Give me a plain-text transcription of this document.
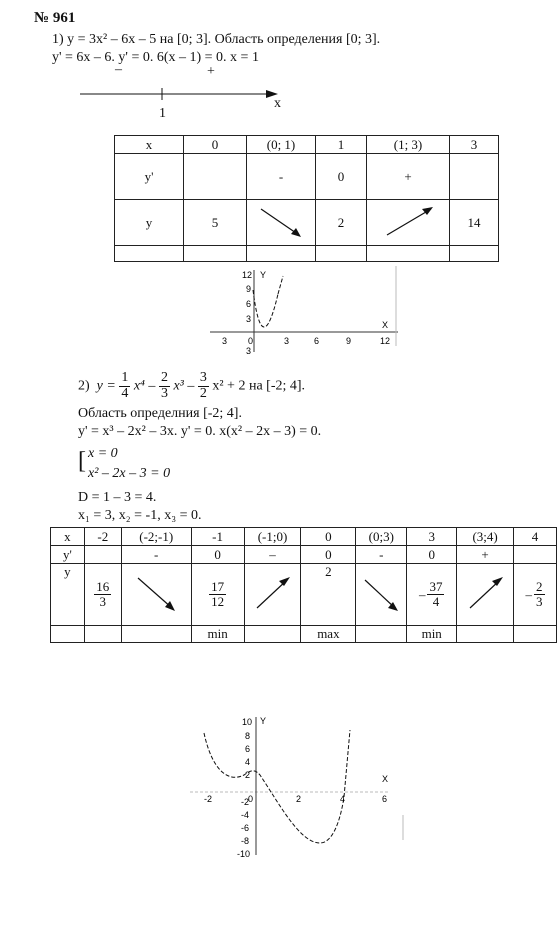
№ 961
1) y = 3x² – 6x – 5 на [0; 3]. Область определения [0; 3].
y' = 6x – 6. y' = 0. 6(x – 1) = 0. x = 1
–	+
1
x
x	0	(0; 1)	1	(1; 3)	3
y'		-	0	+	
y	5		2		14

Y
X
12
9
6
3
3
3 0	3	6	9	12
2) $y = \frac{1}{4} x^4 - \frac{2}{3} x^3 - \frac{3}{2} x^2 + 2$ на [-2; 4].
Область определния [-2; 4].
y' = x³ – 2x² – 3x. y' = 0. x(x² – 2x – 3) = 0.
[ x = 0
x² – 2x – 3 = 0
D = 1 – 3 = 4.
x₁ = 3, x₂ = -1, x₃ = 0.
x	-2	(-2;-1)	-1	(-1;0)	0	(0;3)	3	(3;4)	4
y'		-	0	–	0	-	0	+	
y	$\frac{16}{3}$		$\frac{17}{12}$		2		– $\frac{37}{4}$		– $\frac{2}{3}$

			min		max		min		
Y
X
10
8
6
4
2
-2
-4
-6
-8
-10
-2	0	2	4	6
